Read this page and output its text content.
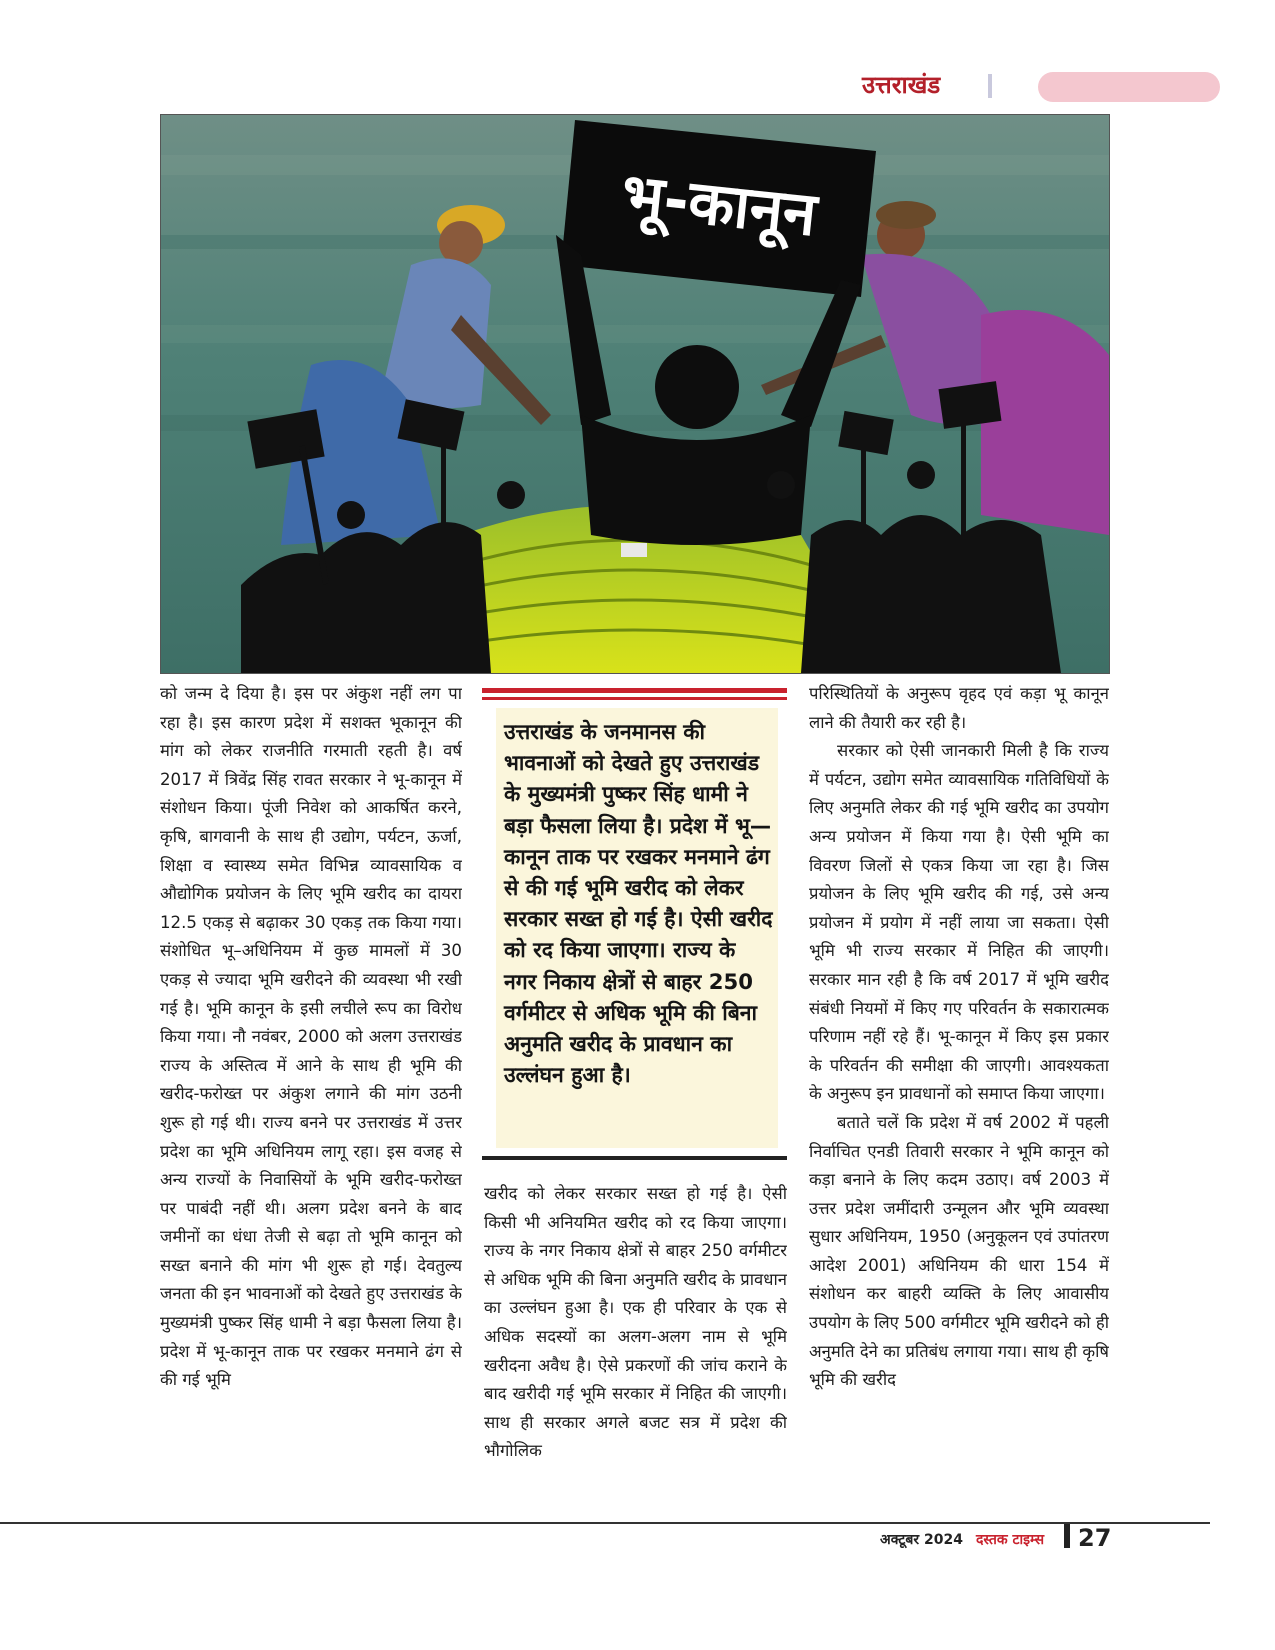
उत्तराखंड
भू-कानून

को जन्म दे दिया है। इस पर अंकुश नहीं लग पा रहा है। इस कारण प्रदेश में सशक्त भूकानून की मांग को लेकर राजनीति गरमाती रहती है। वर्ष 2017 में त्रिवेंद्र सिंह रावत सरकार ने भू-कानून में संशोधन किया। पूंजी निवेश को आकर्षित करने, कृषि, बागवानी के साथ ही उद्योग, पर्यटन, ऊर्जा, शिक्षा व स्वास्थ्य समेत विभिन्न व्यावसायिक व औद्योगिक प्रयोजन के लिए भूमि खरीद का दायरा 12.5 एकड़ से बढ़ाकर 30 एकड़ तक किया गया। संशोधित भू–अधिनियम में कुछ मामलों में 30 एकड़ से ज्यादा भूमि खरीदने की व्यवस्था भी रखी गई है। भूमि कानून के इसी लचीले रूप का विरोध किया गया। नौ नवंबर, 2000 को अलग उत्तराखंड राज्य के अस्तित्व में आने के साथ ही भूमि की खरीद-फरोख्त पर अंकुश लगाने की मांग उठनी शुरू हो गई थी। राज्य बनने पर उत्तराखंड में उत्तर प्रदेश का भूमि अधिनियम लागू रहा। इस वजह से अन्य राज्यों के निवासियों के भूमि खरीद-फरोख्त पर पाबंदी नहीं थी। अलग प्रदेश बनने के बाद जमीनों का धंधा तेजी से बढ़ा तो भूमि कानून को सख्त बनाने की मांग भी शुरू हो गई। देवतुल्य जनता की इन भावनाओं को देखते हुए उत्तराखंड के मुख्यमंत्री पुष्कर सिंह धामी ने बड़ा फैसला लिया है। प्रदेश में भू-कानून ताक पर रखकर मनमाने ढंग से की गई भूमि

उत्तराखंड के जनमानस की भावनाओं को देखते हुए उत्तराखंड के मुख्यमंत्री पुष्कर सिंह धामी ने बड़ा फैसला लिया है। प्रदेश में भू—कानून ताक पर रखकर मनमाने ढंग से की गई भूमि खरीद को लेकर सरकार सख्त हो गई है। ऐसी खरीद को रद किया जाएगा। राज्य के नगर निकाय क्षेत्रों से बाहर 250 वर्गमीटर से अधिक भूमि की बिना अनुमति खरीद के प्रावधान का उल्लंघन हुआ है।

खरीद को लेकर सरकार सख्त हो गई है। ऐसी किसी भी अनियमित खरीद को रद किया जाएगा। राज्य के नगर निकाय क्षेत्रों से बाहर 250 वर्गमीटर से अधिक भूमि की बिना अनुमति खरीद के प्रावधान का उल्लंघन हुआ है। एक ही परिवार के एक से अधिक सदस्यों का अलग-अलग नाम से भूमि खरीदना अवैध है। ऐसे प्रकरणों की जांच कराने के बाद खरीदी गई भूमि सरकार में निहित की जाएगी। साथ ही सरकार अगले बजट सत्र में प्रदेश की भौगोलिक

परिस्थितियों के अनुरूप वृहद एवं कड़ा भू कानून लाने की तैयारी कर रही है।

सरकार को ऐसी जानकारी मिली है कि राज्य में पर्यटन, उद्योग समेत व्यावसायिक गतिविधियों के लिए अनुमति लेकर की गई भूमि खरीद का उपयोग अन्य प्रयोजन में किया गया है। ऐसी भूमि का विवरण जिलों से एकत्र किया जा रहा है। जिस प्रयोजन के लिए भूमि खरीद की गई, उसे अन्य प्रयोजन में प्रयोग में नहीं लाया जा सकता। ऐसी भूमि भी राज्य सरकार में निहित की जाएगी। सरकार मान रही है कि वर्ष 2017 में भूमि खरीद संबंधी नियमों में किए गए परिवर्तन के सकारात्मक परिणाम नहीं रहे हैं। भू-कानून में किए इस प्रकार के परिवर्तन की समीक्षा की जाएगी। आवश्यकता के अनुरूप इन प्रावधानों को समाप्त किया जाएगा।

बताते चलें कि प्रदेश में वर्ष 2002 में पहली निर्वाचित एनडी तिवारी सरकार ने भूमि कानून को कड़ा बनाने के लिए कदम उठाए। वर्ष 2003 में उत्तर प्रदेश जमींदारी उन्मूलन और भूमि व्यवस्था सुधार अधिनियम, 1950 (अनुकूलन एवं उपांतरण आदेश 2001) अधिनियम की धारा 154 में संशोधन कर बाहरी व्यक्ति के लिए आवासीय उपयोग के लिए 500 वर्गमीटर भूमि खरीदने को ही अनुमति देने का प्रतिबंध लगाया गया। साथ ही कृषि भूमि की खरीद

अक्टूबर 2024 दस्तक टाइम्स 27
